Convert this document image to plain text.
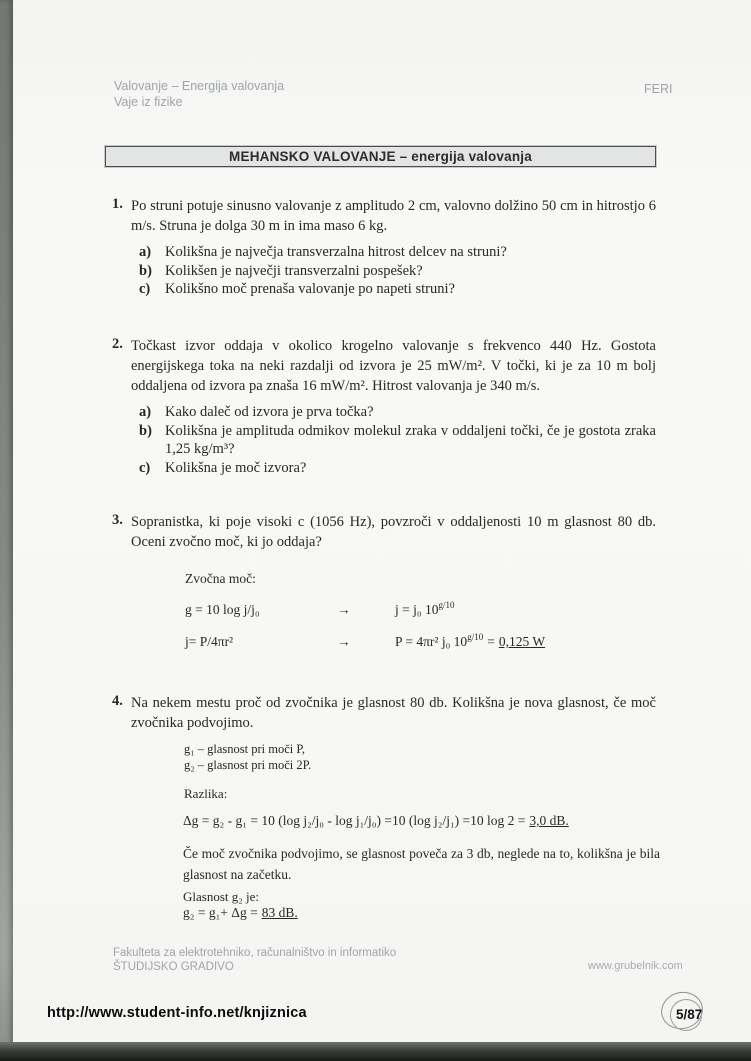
Valovanje – Energija valovanja
Vaje iz fizike
FERI
MEHANSKO VALOVANJE – energija valovanja
1. Po struni potuje sinusno valovanje z amplitudo 2 cm, valovno dolžino 50 cm in hitrostjo 6 m/s. Struna je dolga 30 m in ima maso 6 kg.
a) Kolikšna je največja transverzalna hitrost delcev na struni?
b) Kolikšen je največji transverzalni pospešek?
c)	Kolikšno moč prenaša valovanje po napeti struni?
2. Točkast izvor oddaja v okolico krogelno valovanje s frekvenco 440 Hz. Gostota energijskega toka na neki razdalji od izvora je 25 mW/m². V točki, ki je za 10 m bolj oddaljena od izvora pa znaša 16 mW/m². Hitrost valovanja je 340 m/s.
a) Kako daleč od izvora je prva točka?
b) Kolikšna je amplituda odmikov molekul zraka v oddaljeni točki, če je gostota zraka 1,25 kg/m³?
c)	Kolikšna je moč izvora?
3. Sopranistka, ki poje visoki c (1056 Hz), povzroči v oddaljenosti 10 m glasnost 80 db. Oceni zvočno moč, ki jo oddaja?
Zvočna moč:
g = 10 log j/j₀	→	j = j₀ $10^{g/10}$
j= P/4πr²	→	P = 4πr² j₀ $10^{g/10} = 0,125$ W
4. Na nekem mestu proč od zvočnika je glasnost 80 db. Kolikšna je nova glasnost, če moč zvočnika podvojimo.
g₁ – glasnost pri moči P,
g₂ – glasnost pri moči 2P.
Razlika:
Δg = g₂ - g₁ = 10 (log j₂/j₀ - log j₁/j₀) =10 (log j₂/j₁) =10 log 2 = 3,0 dB.
Če moč zvočnika podvojimo, se glasnost poveča za 3 db, neglede na to, kolikšna je bila glasnost na začetku.
Glasnost g₂ je:
g₂ = g₁+ Δg = 83 dB.
Fakulteta za elektrotehniko, računalništvo in informatiko
ŠTUDIJSKO GRADIVO	www.grubelnik.com
http://www.student-info.net/knjiznica	5/87
